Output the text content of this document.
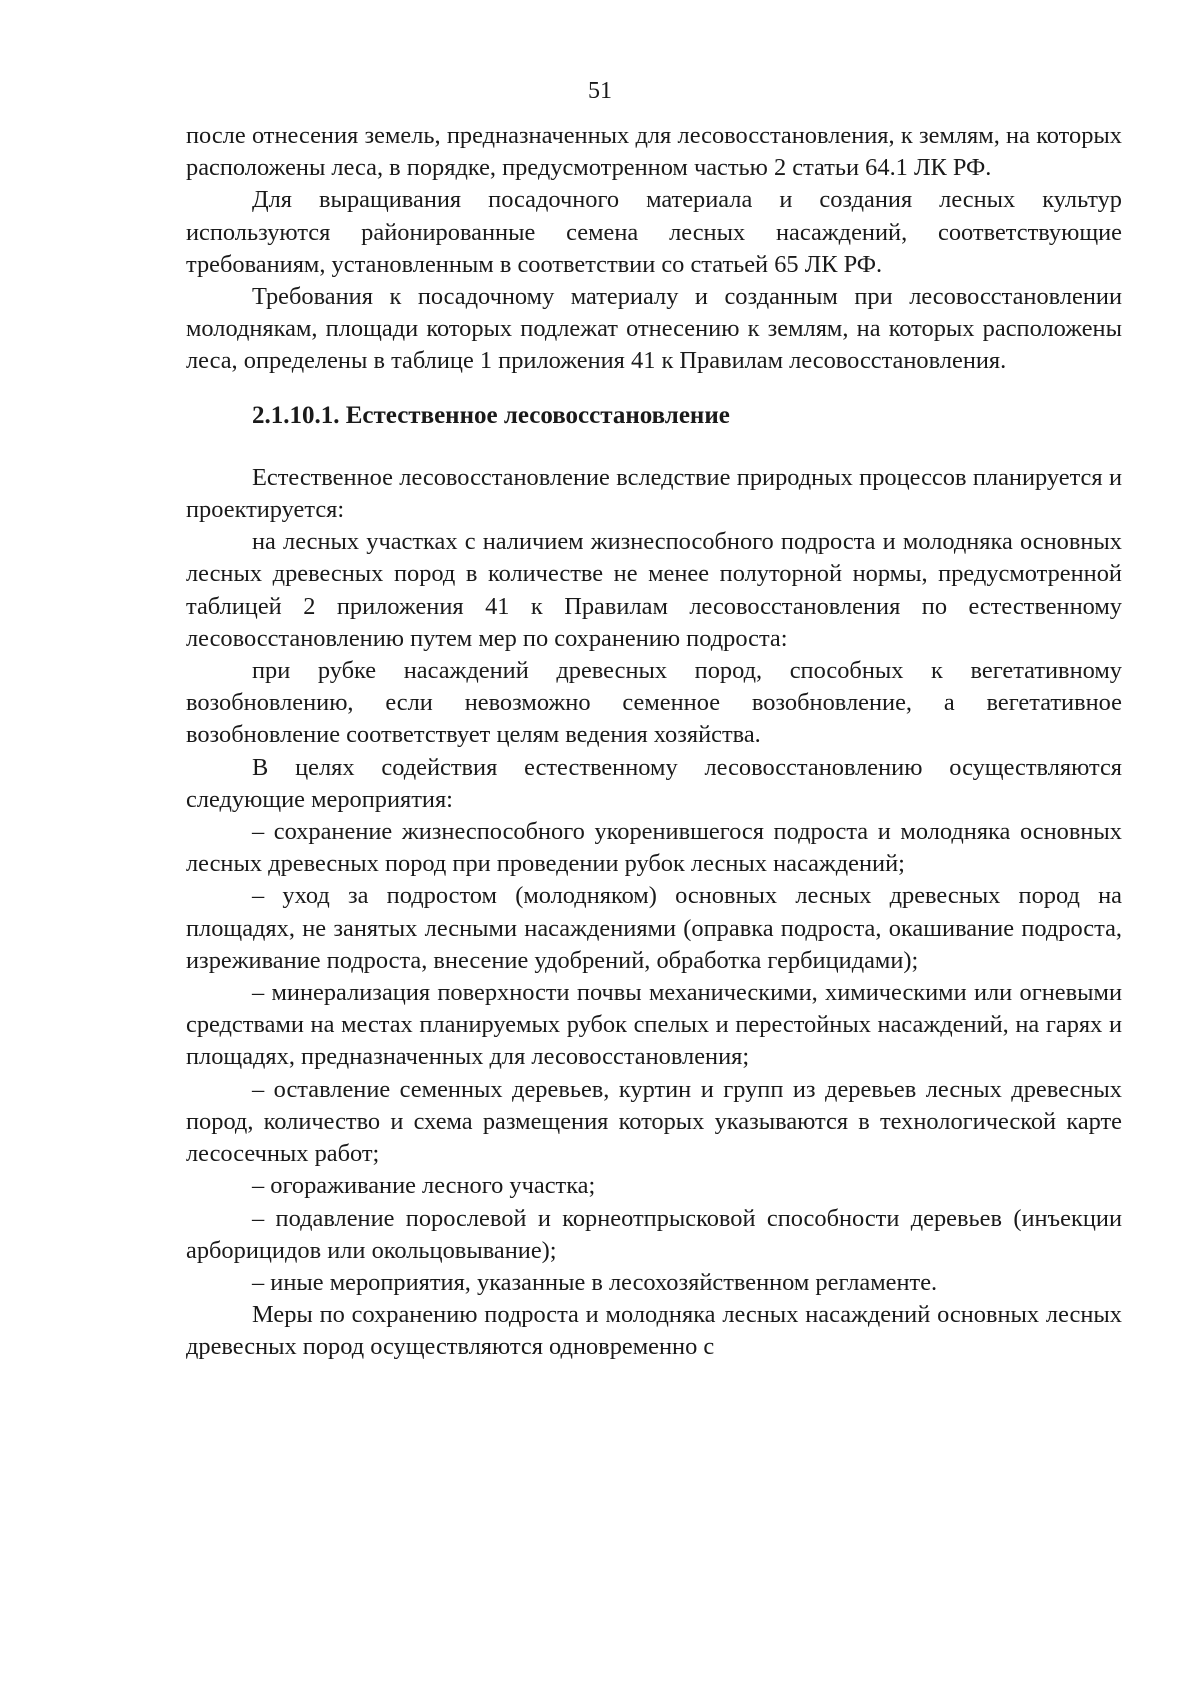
51

после отнесения земель, предназначенных для лесовосстановления, к землям, на которых расположены леса, в порядке, предусмотренном частью 2 статьи 64.1 ЛК РФ.

Для выращивания посадочного материала и создания лесных культур используются районированные семена лесных насаждений, соответствующие требованиям, установленным в соответствии со статьей 65 ЛК РФ.

Требования к посадочному материалу и созданным при лесовосстановлении молоднякам, площади которых подлежат отнесению к землям, на которых расположены леса, определены в таблице 1 приложения 41 к Правилам лесовосстановления.

2.1.10.1. Естественное лесовосстановление

Естественное лесовосстановление вследствие природных процессов планируется и проектируется:

на лесных участках с наличием жизнеспособного подроста и молодняка основных лесных древесных пород в количестве не менее полуторной нормы, предусмотренной таблицей 2 приложения 41 к Правилам лесовосстановления по естественному лесовосстановлению путем мер по сохранению подроста:

при рубке насаждений древесных пород, способных к вегетативному возобновлению, если невозможно семенное возобновление, а вегетативное возобновление соответствует целям ведения хозяйства.

В целях содействия естественному лесовосстановлению осуществляются следующие мероприятия:

– сохранение жизнеспособного укоренившегося подроста и молодняка основных лесных древесных пород при проведении рубок лесных насаждений;

– уход за подростом (молодняком) основных лесных древесных пород на площадях, не занятых лесными насаждениями (оправка подроста, окашивание подроста, изреживание подроста, внесение удобрений, обработка гербицидами);

– минерализация поверхности почвы механическими, химическими или огневыми средствами на местах планируемых рубок спелых и перестойных насаждений, на гарях и площадях, предназначенных для лесовосстановления;

– оставление семенных деревьев, куртин и групп из деревьев лесных древесных пород, количество и схема размещения которых указываются в технологической карте лесосечных работ;

– огораживание лесного участка;

– подавление порослевой и корнеотпрысковой способности деревьев (инъекции арборицидов или окольцовывание);

– иные мероприятия, указанные в лесохозяйственном регламенте.

Меры по сохранению подроста и молодняка лесных насаждений основных лесных древесных пород осуществляются одновременно с
